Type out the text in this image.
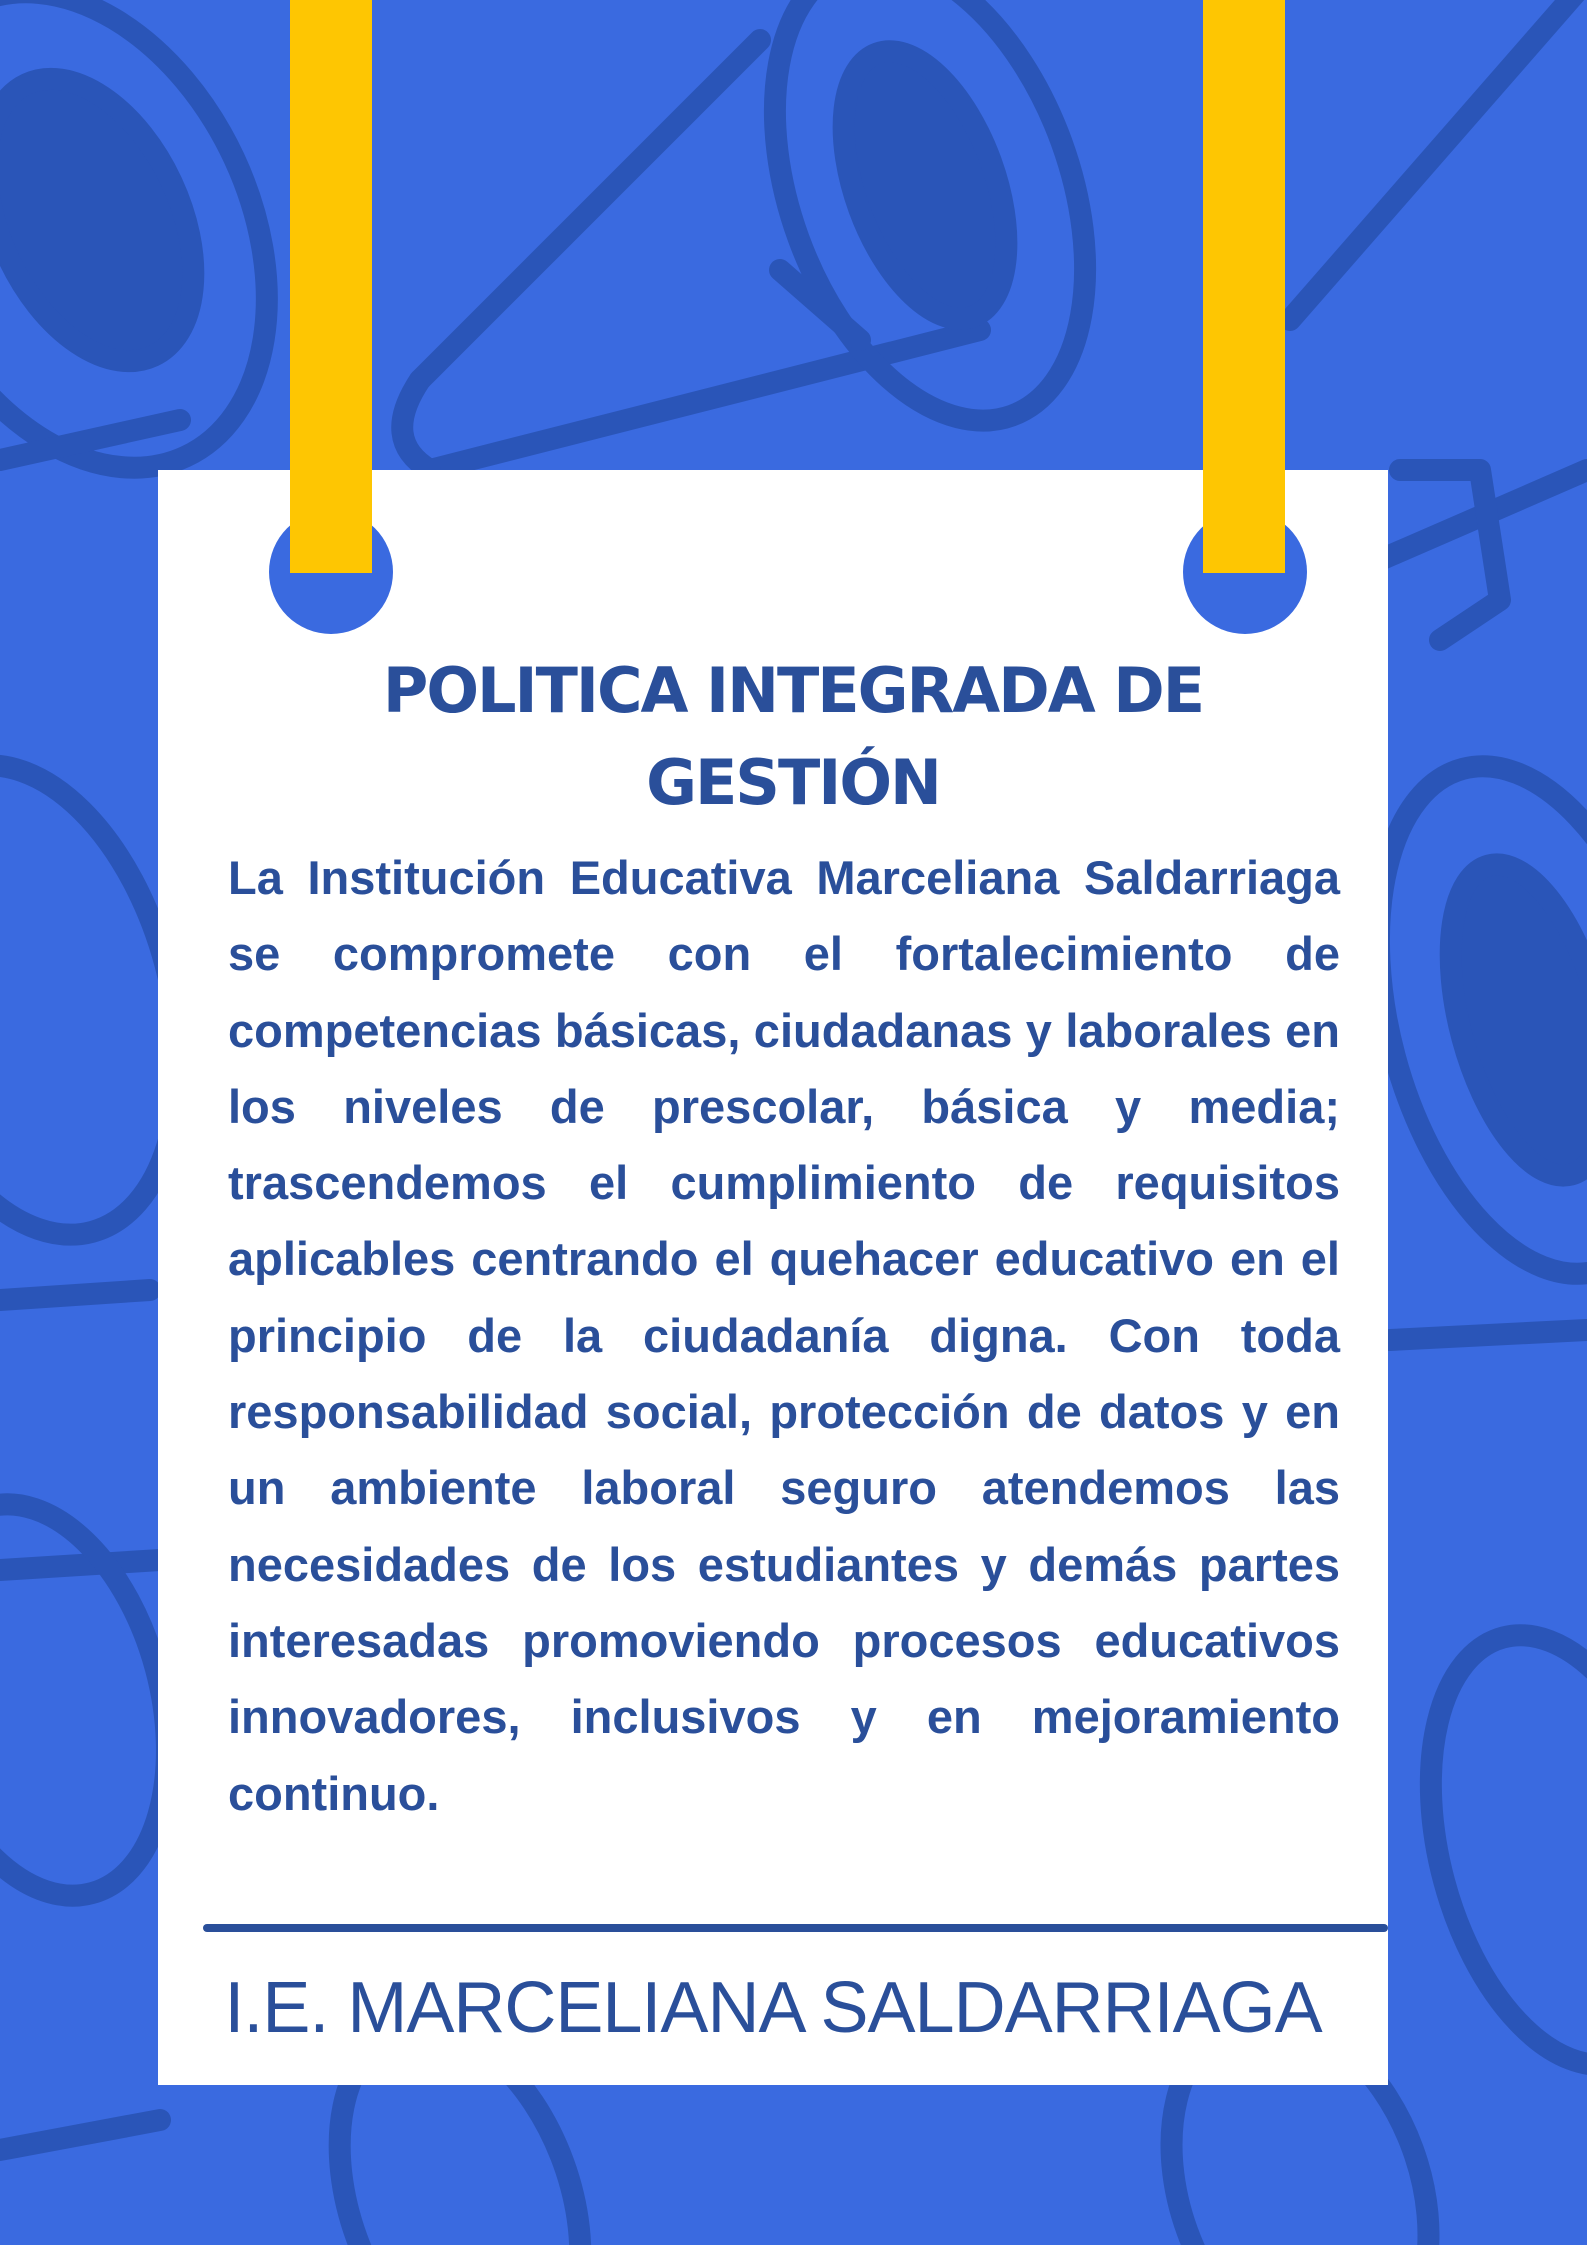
POLITICA INTEGRADA DE GESTIÓN

La Institución Educativa Marceliana Saldarriaga se compromete con el fortalecimiento de competencias básicas, ciudadanas y laborales en los niveles de prescolar, básica y media; trascendemos el cumplimiento de requisitos aplicables centrando el quehacer educativo en el principio de la ciudadanía digna. Con toda responsabilidad social, protección de datos y en un ambiente laboral seguro atendemos las necesidades de los estudiantes y demás partes interesadas promoviendo procesos educativos innovadores, inclusivos y en mejoramiento continuo.

I.E. MARCELIANA SALDARRIAGA
